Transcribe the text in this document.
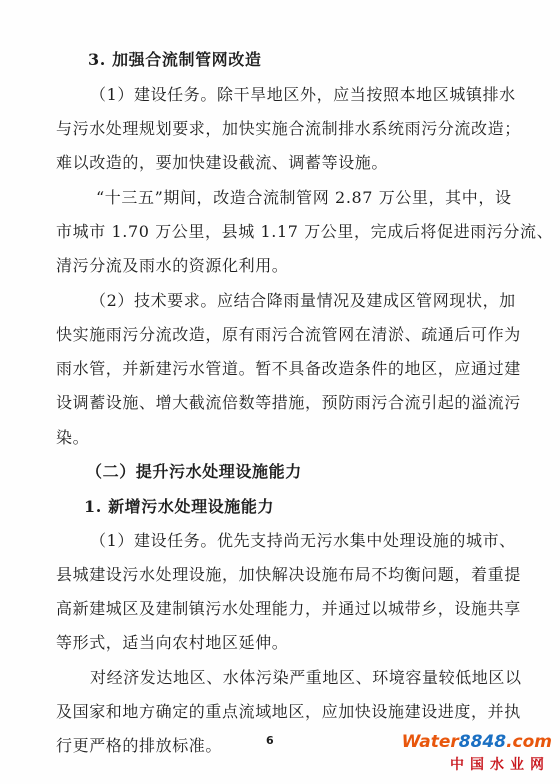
3. 加强合流制管网改造
（1）建设任务。除干旱地区外，应当按照本地区城镇排水
与污水处理规划要求，加快实施合流制排水系统雨污分流改造；
难以改造的，要加快建设截流、调蓄等设施。
“十三五”期间，改造合流制管网 2.87 万公里，其中，设
市城市 1.70 万公里，县城 1.17 万公里，完成后将促进雨污分流、
清污分流及雨水的资源化利用。
（2）技术要求。应结合降雨量情况及建成区管网现状，加
快实施雨污分流改造，原有雨污合流管网在清淤、疏通后可作为
雨水管，并新建污水管道。暂不具备改造条件的地区，应通过建
设调蓄设施、增大截流倍数等措施，预防雨污合流引起的溢流污
染。
（二）提升污水处理设施能力
1. 新增污水处理设施能力
（1）建设任务。优先支持尚无污水集中处理设施的城市、
县城建设污水处理设施，加快解决设施布局不均衡问题，着重提
高新建城区及建制镇污水处理能力，并通过以城带乡，设施共享
等形式，适当向农村地区延伸。
对经济发达地区、水体污染严重地区、环境容量较低地区以
及国家和地方确定的重点流域地区，应加快设施建设进度，并执
行更严格的排放标准。	6	Water8848.com
中国水业网
